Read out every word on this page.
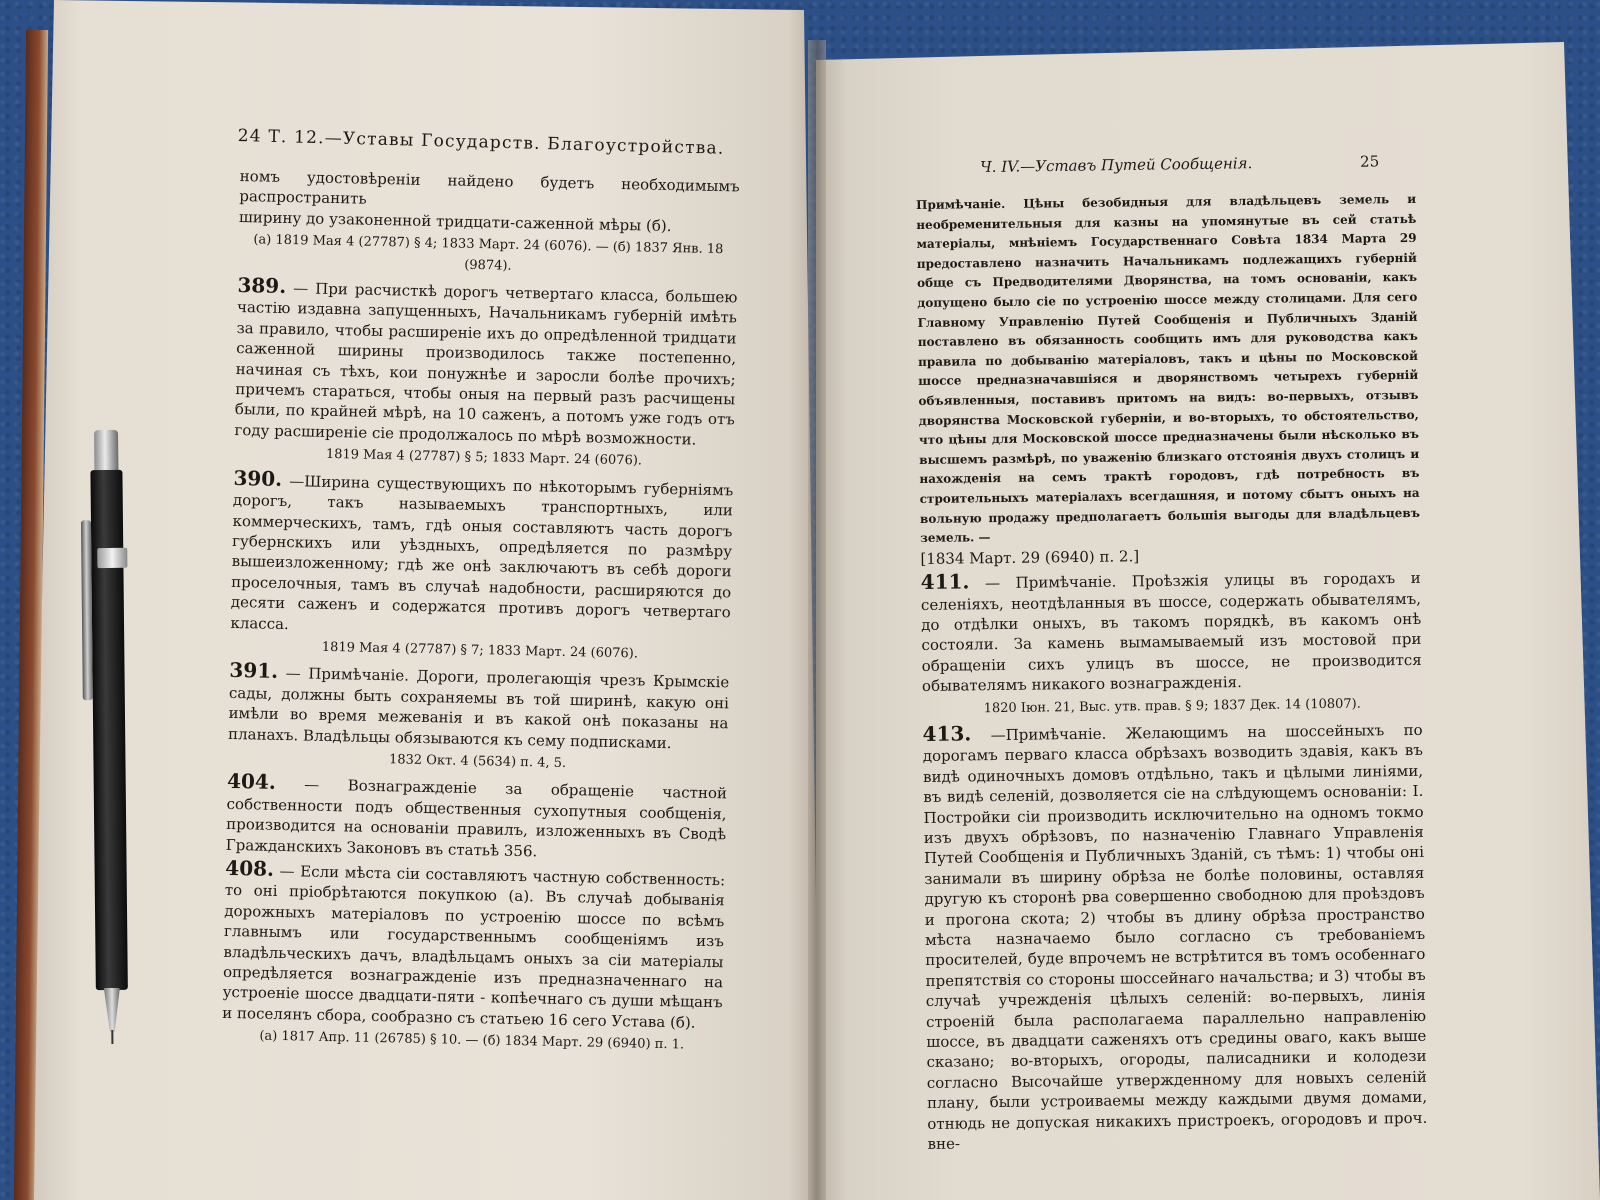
24 Т. 12.—Уставы Государств. Благоустройства.

номъ удостовѣреніи найдено будетъ необходимымъ распространить

ширину до узаконенной тридцати-саженной мѣры (б).

(а) 1819 Мая 4 (27787) § 4; 1833 Март. 24 (6076). — (б) 1837 Янв. 18 (9874).

389. — При расчисткѣ дорогъ четвертаго класса, большею частію издавна запущенныхъ, Начальникамъ губерній имѣть за правило, чтобы расширеніе ихъ до опредѣленной тридцати саженной ширины производилось также постепенно, начиная съ тѣхъ, кои понужнѣе и заросли болѣе прочихъ; причемъ стараться, чтобы оныя на первый разъ расчищены были, по крайней мѣрѣ, на 10 саженъ, а потомъ уже годъ отъ году расширеніе сіе продолжалось по мѣрѣ возможности.

1819 Мая 4 (27787) § 5; 1833 Март. 24 (6076).

390. —Ширина существующихъ по нѣкоторымъ губерніямъ дорогъ, такъ называемыхъ транспортныхъ, или коммерческихъ, тамъ, гдѣ оныя составляютъ часть дорогъ губернскихъ или уѣздныхъ, опредѣляется по размѣру вышеизложенному; гдѣ же онѣ заключаютъ въ себѣ дороги проселочныя, тамъ въ случаѣ надобности, расширяются до десяти саженъ и содержатся противъ дорогъ четвертаго класса.

1819 Мая 4 (27787) § 7; 1833 Март. 24 (6076).

391. — Примѣчаніе. Дороги, пролегающія чрезъ Крымскіе сады, должны быть сохраняемы въ той ширинѣ, какую оні имѣли во время межеванія и въ какой онѣ показаны на планахъ. Владѣльцы обязываются къ сему подписками.

1832 Окт. 4 (5634) п. 4, 5.

404. — Вознагражденіе за обращеніе частной собственности подъ общественныя сухопутныя сообщенія, производится на основаніи правилъ, изложенныхъ въ Сводѣ Гражданскихъ Законовъ въ статьѣ 356.
408. — Если мѣста сіи составляютъ частную собственность: то оні пріобрѣтаются покупкою (а). Въ случаѣ добыванія дорожныхъ матеріаловъ по устроенію шоссе по всѣмъ главнымъ или государственнымъ сообщеніямъ изъ владѣльческихъ дачъ, владѣльцамъ оныхъ за сіи матеріалы опредѣляется вознагражденіе изъ предназначеннаго на устроеніе шоссе двадцати-пяти - копѣечнаго съ души мѣщанъ и поселянъ сбора, сообразно съ статьею 16 сего Устава (б).

(а) 1817 Апр. 11 (26785) § 10. — (б) 1834 Март. 29 (6940) п. 1.

Ч. IV.—Уставъ Путей Сообщенія.	25

Примѣчаніе. Цѣны безобидныя для владѣльцевъ земель и необременительныя для казны на упомянутые въ сей статьѣ матеріалы, мнѣніемъ Государственнаго Совѣта 1834 Марта 29 предоставлено назначить Начальникамъ подлежащихъ губерній обще съ Предводителями Дворянства, на томъ основаніи, какъ допущено было сіе по устроенію шоссе между столицами. Для сего Главному Управленію Путей Сообщенія и Публичныхъ Зданій поставлено въ обязанность сообщить имъ для руководства какъ правила по добыванію матеріаловъ, такъ и цѣны по Московской шоссе предназначавшіяся и дворянствомъ четырехъ губерній объявленныя, поставивъ притомъ на видъ: во-первыхъ, отзывъ дворянства Московской губерніи, и во-вторыхъ, то обстоятельство, что цѣны для Московской шоссе предназначены были нѣсколько въ высшемъ размѣрѣ, по уваженію близкаго отстоянія двухъ столицъ и нахожденія на семъ трактѣ городовъ, гдѣ потребность въ строительныхъ матеріалахъ всегдашняя, и потому сбытъ оныхъ на вольную продажу предполагаетъ большія выгоды для владѣльцевъ земель. —

[1834 Март. 29 (6940) п. 2.]

411. — Примѣчаніе. Проѣзжія улицы въ городахъ и селеніяхъ, неотдѣланныя въ шоссе, содержать обывателямъ, до отдѣлки оныхъ, въ такомъ порядкѣ, въ какомъ онѣ состояли. За камень вымамываемый изъ мостовой при обращеніи сихъ улицъ въ шоссе, не производится обывателямъ никакого вознагражденія.

1820 Іюн. 21, Выс. утв. прав. § 9; 1837 Дек. 14 (10807).

413. —Примѣчаніе. Желающимъ на шоссейныхъ по дорогамъ перваго класса обрѣзахъ возводить здавія, какъ въ видѣ одиночныхъ домовъ отдѣльно, такъ и цѣлыми линіями, въ видѣ селеній, дозволяется сіе на слѣдующемъ основаніи: І. Постройки сіи производить исключительно на одномъ токмо изъ двухъ обрѣзовъ, по назначенію Главнаго Управленія Путей Сообщенія и Публичныхъ Зданій, съ тѣмъ: 1) чтобы оні занимали въ ширину обрѣза не болѣе половины, оставляя другую къ сторонѣ рва совершенно свободною для проѣздовъ и прогона скота; 2) чтобы въ длину обрѣза пространство мѣста назначаемо было согласно съ требованіемъ просителей, буде впрочемъ не встрѣтится въ томъ особеннаго препятствія со стороны шоссейнаго начальства; и 3) чтобы въ случаѣ учрежденія цѣлыхъ селеній: во-первыхъ, линія строеній была располагаема параллельно направленію шоссе, въ двадцати саженяхъ отъ средины оваго, какъ выше сказано; во-вторыхъ, огороды, палисадники и колодези согласно Высочайше утвержденному для новыхъ селеній плану, были устроиваемы между каждыми двумя домами, отнюдь не допуская никакихъ пристроекъ, огородовъ и проч. вне-
